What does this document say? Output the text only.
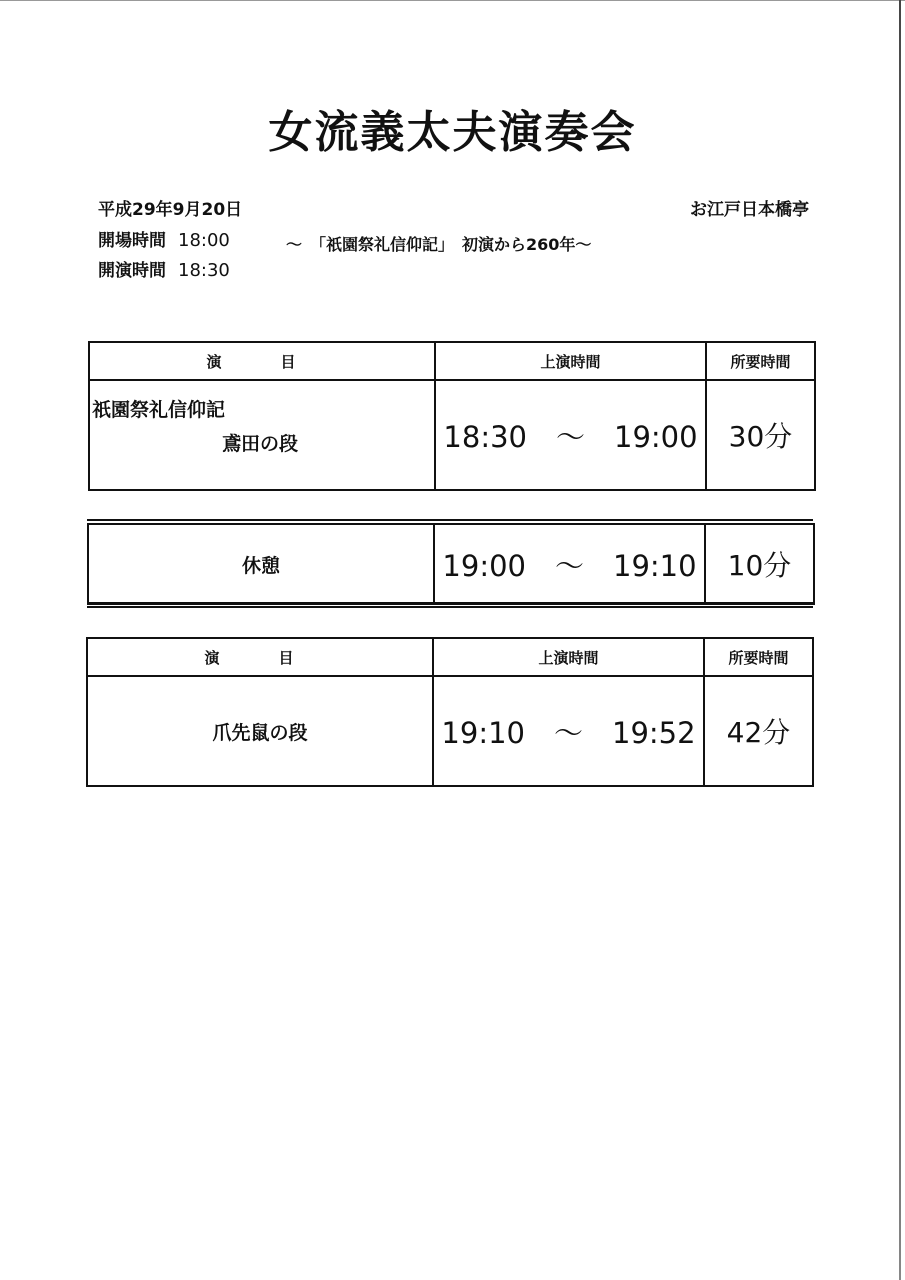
女流義太夫演奏会
平成29年9月20日	お江戸日本橋亭
開場時間 18:00	～　「祇園祭礼信仰記」　初演から260年～
開演時間 18:30
演　目	上演時間	所要時間

祇園祭礼信仰記
鳶田の段	18:30　～　19:00	30分
休憩	19:00　～　19:10	10分
演　目	上演時間	所要時間
爪先鼠の段	19:10　～　19:52	42分
